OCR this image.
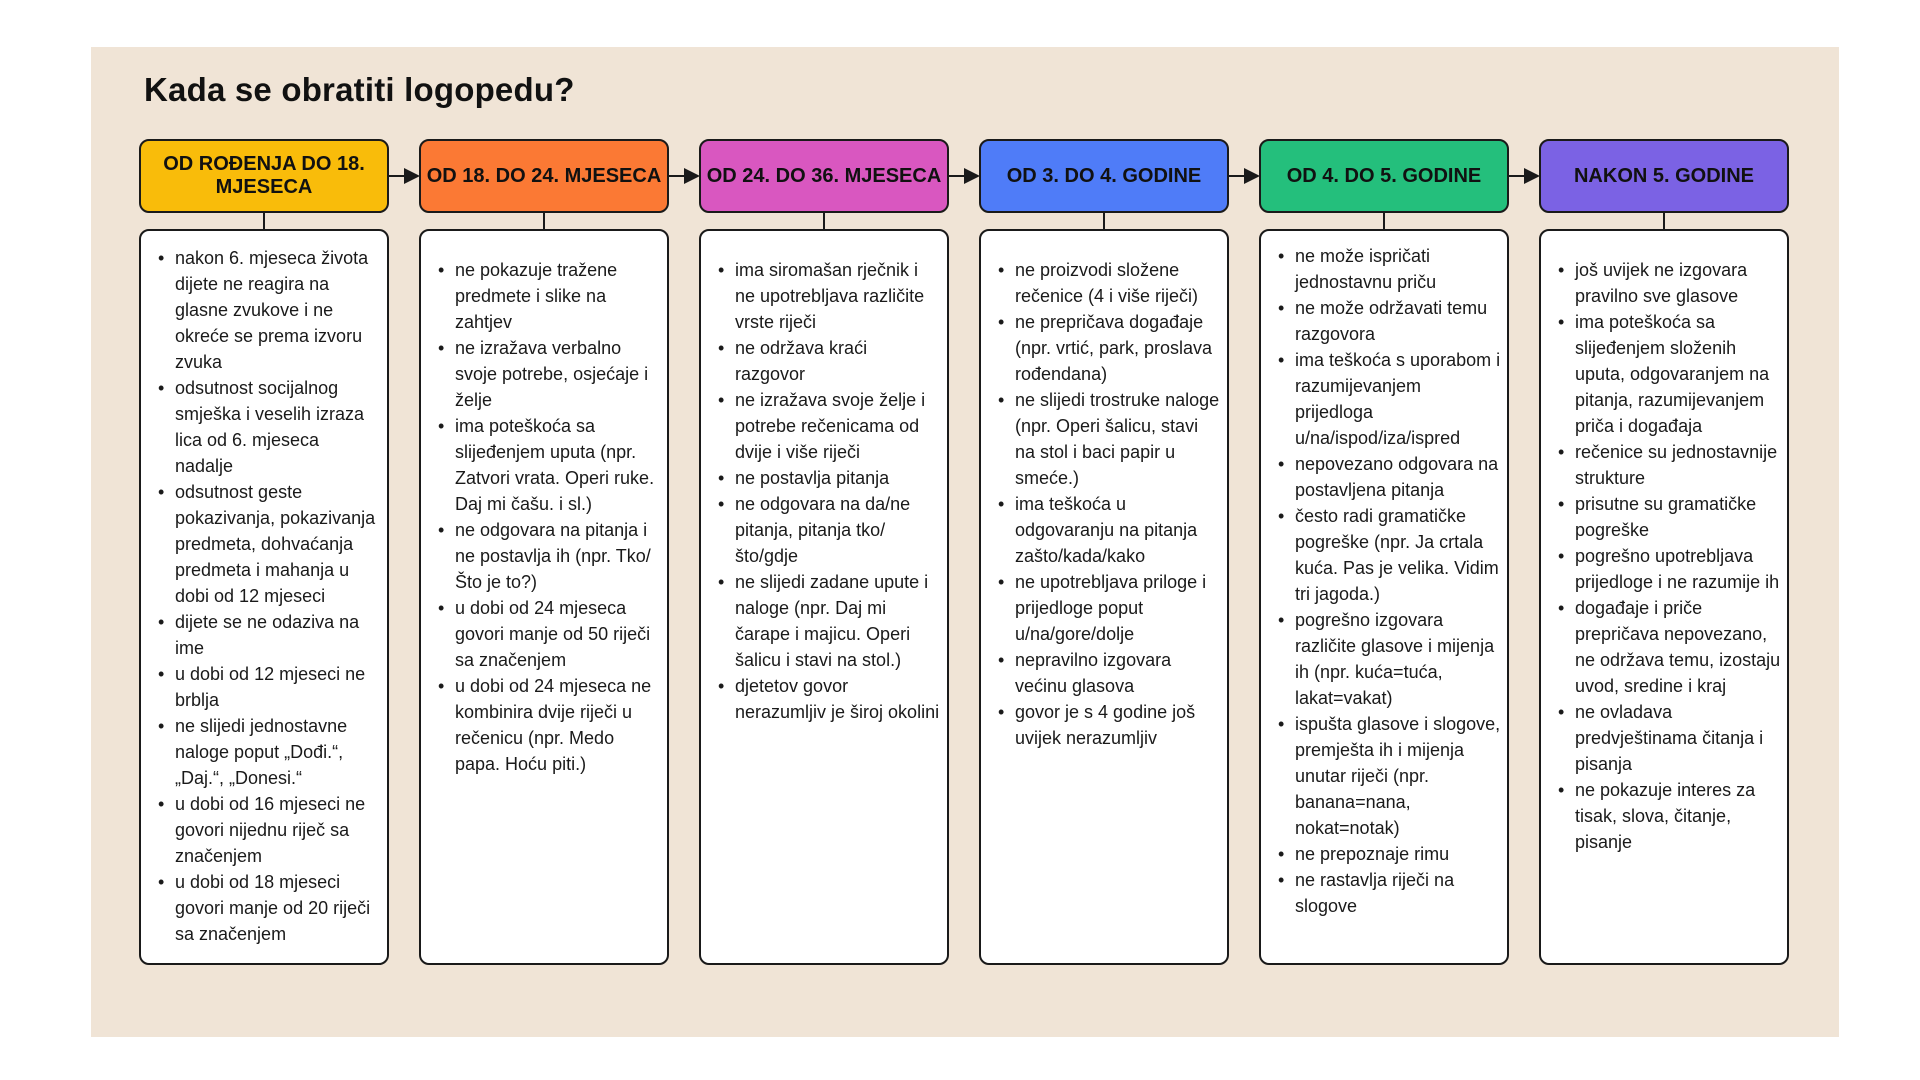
Kada se obratiti logopedu?
OD ROĐENJA DO 18. MJESECA
• nakon 6. mjeseca života dijete ne reagira na glasne zvukove i ne okreće se prema izvoru zvuka
• odsutnost socijalnog smješka i veselih izraza lica od 6. mjeseca nadalje
• odsutnost geste pokazivanja, pokazivanja predmeta, dohvaćanja predmeta i mahanja u dobi od 12 mjeseci
• dijete se ne odaziva na ime
• u dobi od 12 mjeseci ne brblja
• ne slijedi jednostavne naloge poput „Dođi.“, „Daj.“, „Donesi.“
• u dobi od 16 mjeseci ne govori nijednu riječ sa značenjem
• u dobi od 18 mjeseci govori manje od 20 riječi sa značenjem
OD 18. DO 24. MJESECA
• ne pokazuje tražene predmete i slike na zahtjev
• ne izražava verbalno svoje potrebe, osjećaje i želje
• ima poteškoća sa slijeđenjem uputa (npr. Zatvori vrata. Operi ruke. Daj mi čašu. i sl.)
• ne odgovara na pitanja i ne postavlja ih (npr. Tko/Što je to?)
• u dobi od 24 mjeseca govori manje od 50 riječi sa značenjem
• u dobi od 24 mjeseca ne kombinira dvije riječi u rečenicu (npr. Medo papa. Hoću piti.)
OD 24. DO 36. MJESECA
• ima siromašan rječnik i ne upotrebljava različite vrste riječi
• ne održava kraći razgovor
• ne izražava svoje želje i potrebe rečenicama od dvije i više riječi
• ne postavlja pitanja
• ne odgovara na da/ne pitanja, pitanja tko/što/gdje
• ne slijedi zadane upute i naloge (npr. Daj mi čarape i majicu. Operi šalicu i stavi na stol.)
• djetetov govor nerazumljiv je široj okolini
OD 3. DO 4. GODINE
• ne proizvodi složene rečenice (4 i više riječi)
• ne prepričava događaje (npr. vrtić, park, proslava rođendana)
• ne slijedi trostruke naloge (npr. Operi šalicu, stavi na stol i baci papir u smeće.)
• ima teškoća u odgovaranju na pitanja zašto/kada/kako
• ne upotrebljava priloge i prijedloge poput u/na/gore/dolje
• nepravilno izgovara većinu glasova
• govor je s 4 godine još uvijek nerazumljiv
OD 4. DO 5. GODINE
• ne može ispričati jednostavnu priču
• ne može održavati temu razgovora
• ima teškoća s uporabom i razumijevanjem prijedloga u/na/ispod/iza/ispred
• nepovezano odgovara na postavljena pitanja
• često radi gramatičke pogreške (npr. Ja crtala kuća. Pas je velika. Vidim tri jagoda.)
• pogrešno izgovara različite glasove i mijenja ih (npr. kuća=tuća, lakat=vakat)
• ispušta glasove i slogove, premješta ih i mijenja unutar riječi (npr. banana=nana, nokat=notak)
• ne prepoznaje rimu
• ne rastavlja riječi na slogove
NAKON 5. GODINE
• još uvijek ne izgovara pravilno sve glasove
• ima poteškoća sa slijeđenjem složenih uputa, odgovaranjem na pitanja, razumijevanjem priča i događaja
• rečenice su jednostavnije strukture
• prisutne su gramatičke pogreške
• pogrešno upotrebljava prijedloge i ne razumije ih
• događaje i priče prepričava nepovezano, ne održava temu, izostaju uvod, sredine i kraj
• ne ovladava predvještinama čitanja i pisanja
• ne pokazuje interes za tisak, slova, čitanje, pisanje
